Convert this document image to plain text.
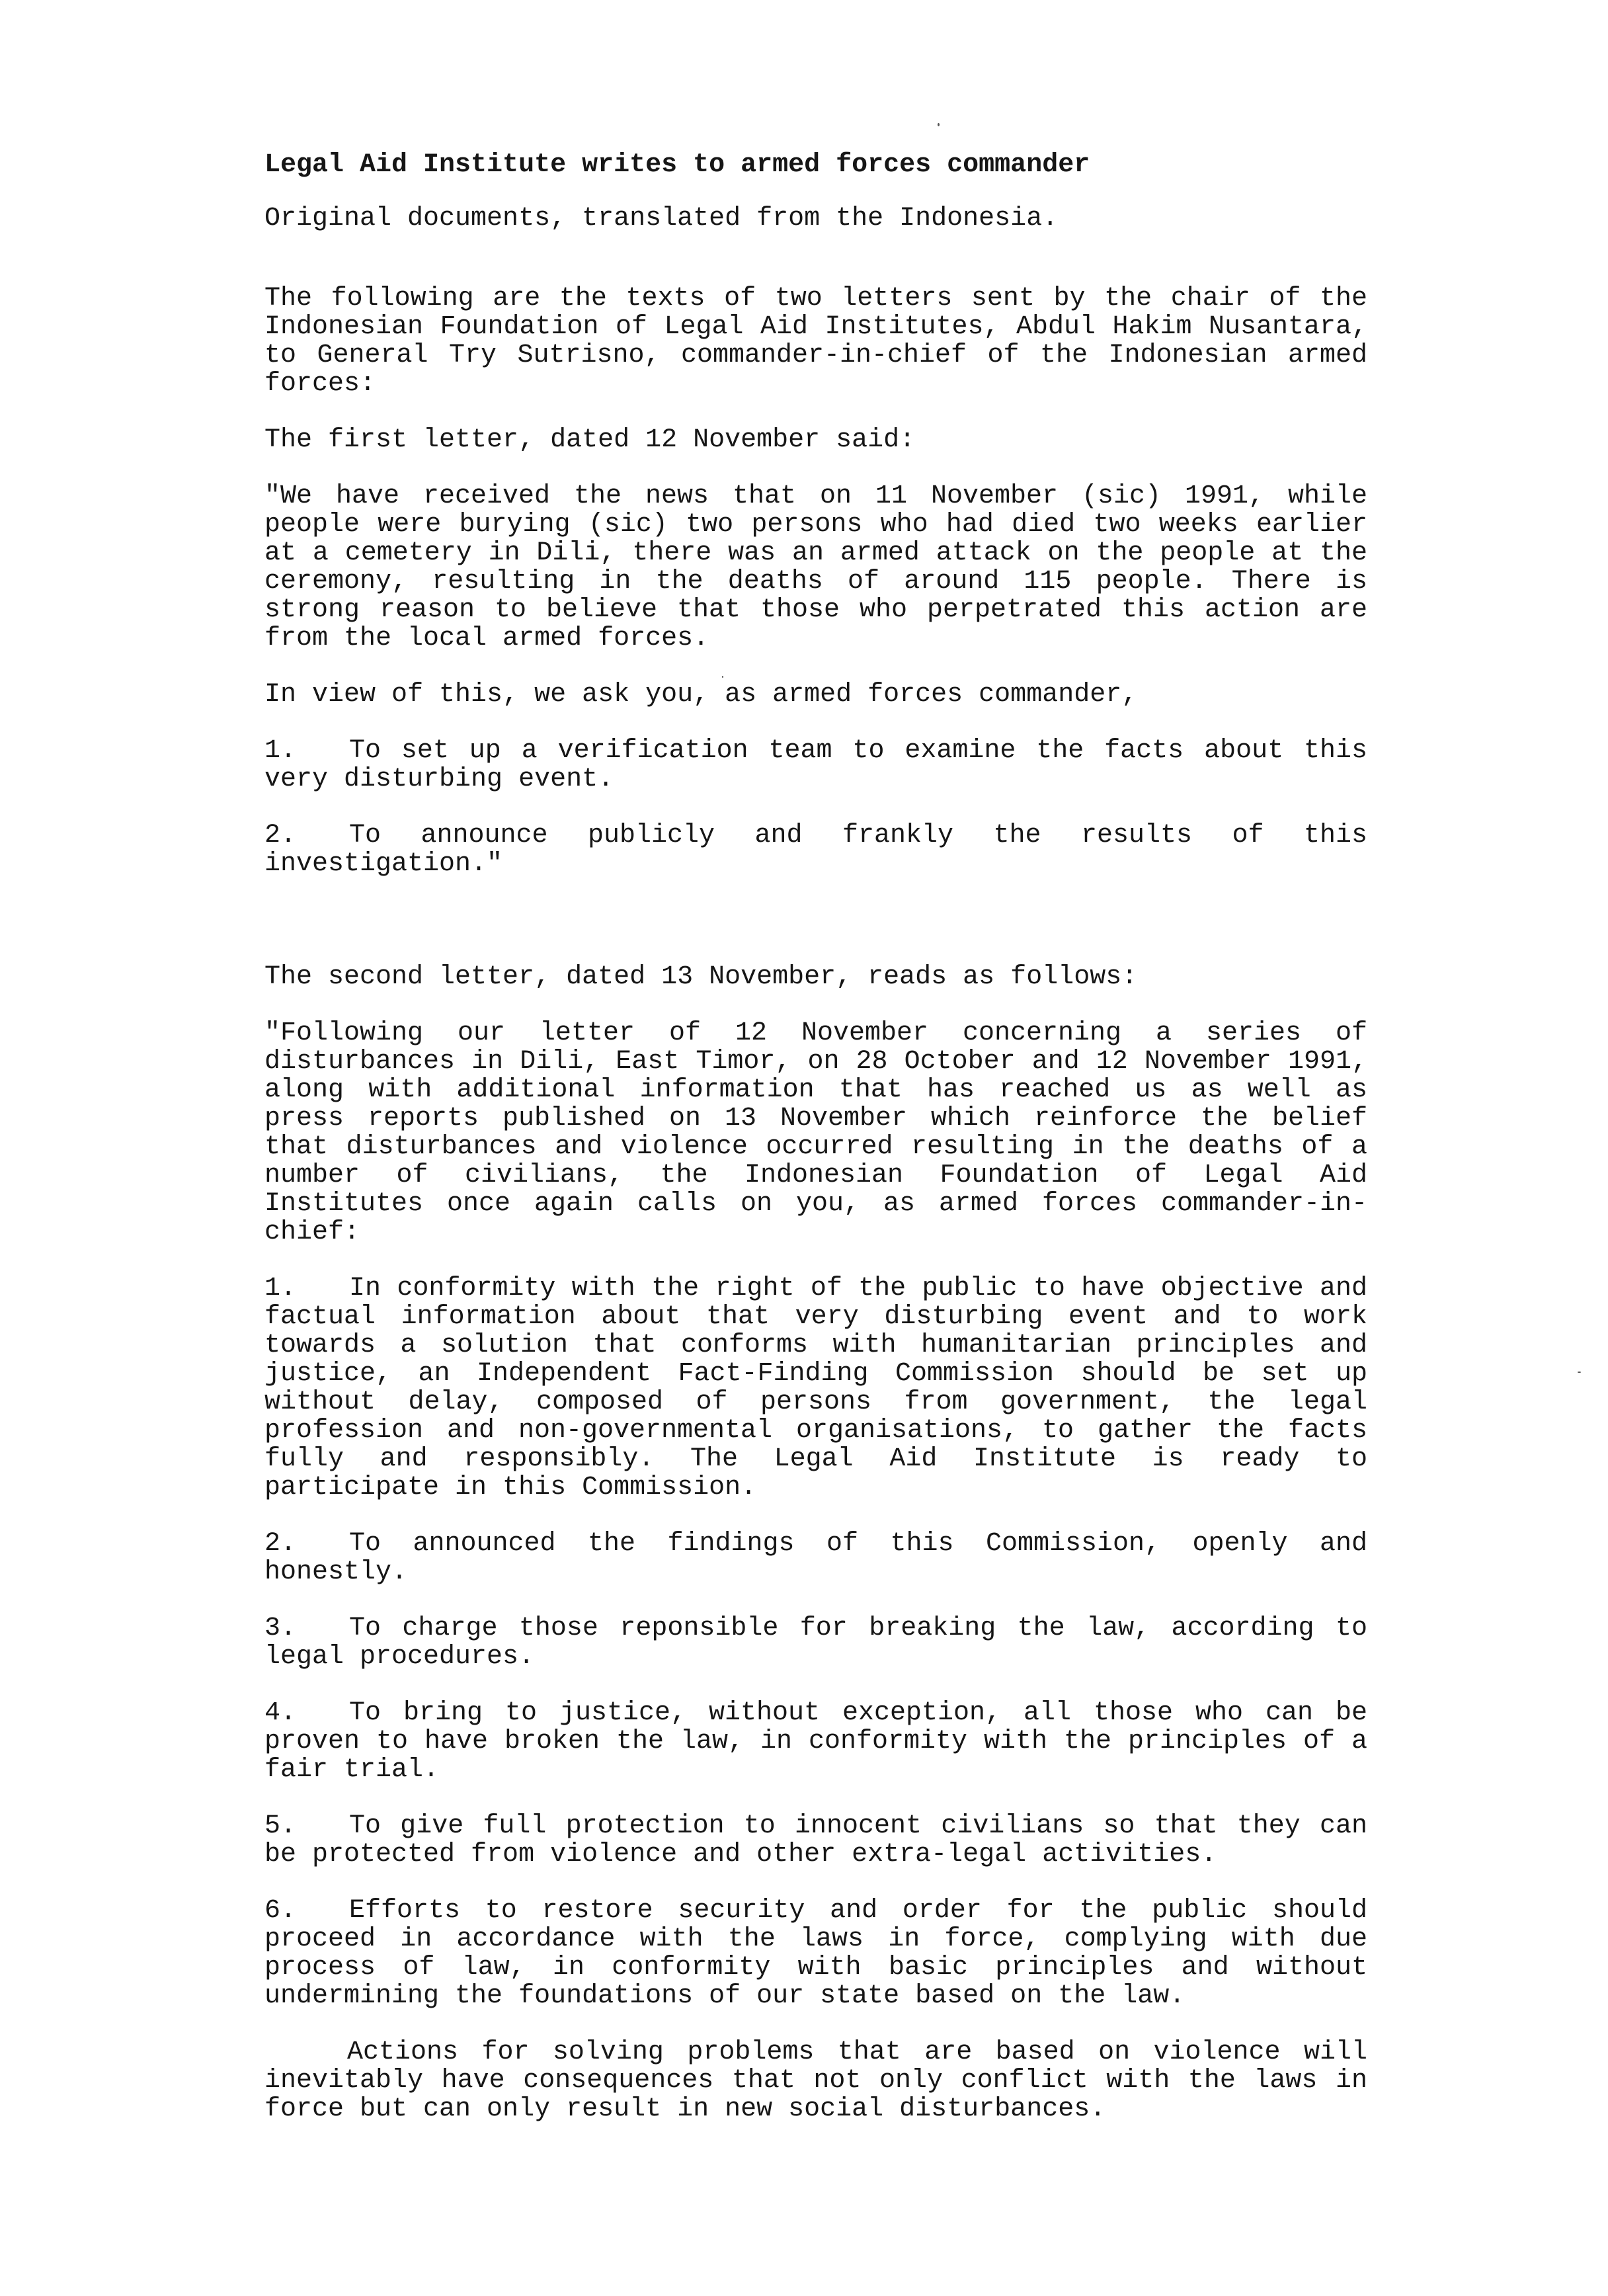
Legal Aid Institute writes to armed forces commander

Original documents, translated from the Indonesia.

The following are the texts of two letters sent by the chair of the Indonesian Foundation of Legal Aid Institutes, Abdul Hakim Nusantara, to General Try Sutrisno, commander-in-chief of the Indonesian armed forces:

The first letter, dated 12 November said:

"We have received the news that on 11 November (sic) 1991, while people were burying (sic) two persons who had died two weeks earlier at a cemetery in Dili, there was an armed attack on the people at the ceremony, resulting in the deaths of around 115 people. There is strong reason to believe that those who perpetrated this action are from the local armed forces.

In view of this, we ask you, as armed forces commander,

1. To set up a verification team to examine the facts about this very disturbing event.

2. To announce publicly and frankly the results of this investigation."

The second letter, dated 13 November, reads as follows:

"Following our letter of 12 November concerning a series of disturbances in Dili, East Timor, on 28 October and 12 November 1991, along with additional information that has reached us as well as press reports published on 13 November which reinforce the belief that disturbances and violence occurred resulting in the deaths of a number of civilians, the Indonesian Foundation of Legal Aid Institutes once again calls on you, as armed forces commander-in-chief:

1. In conformity with the right of the public to have objective and factual information about that very disturbing event and to work towards a solution that conforms with humanitarian principles and justice, an Independent Fact-Finding Commission should be set up without delay, composed of persons from government, the legal profession and non-governmental organisations, to gather the facts fully and responsibly. The Legal Aid Institute is ready to participate in this Commission.

2. To announced the findings of this Commission, openly and honestly.

3. To charge those reponsible for breaking the law, according to legal procedures.

4. To bring to justice, without exception, all those who can be proven to have broken the law, in conformity with the principles of a fair trial.

5. To give full protection to innocent civilians so that they can be protected from violence and other extra-legal activities.

6. Efforts to restore security and order for the public should proceed in accordance with the laws in force, complying with due process of law, in conformity with basic principles and without undermining the foundations of our state based on the law.

Actions for solving problems that are based on violence will inevitably have consequences that not only conflict with the laws in force but can only result in new social disturbances.
